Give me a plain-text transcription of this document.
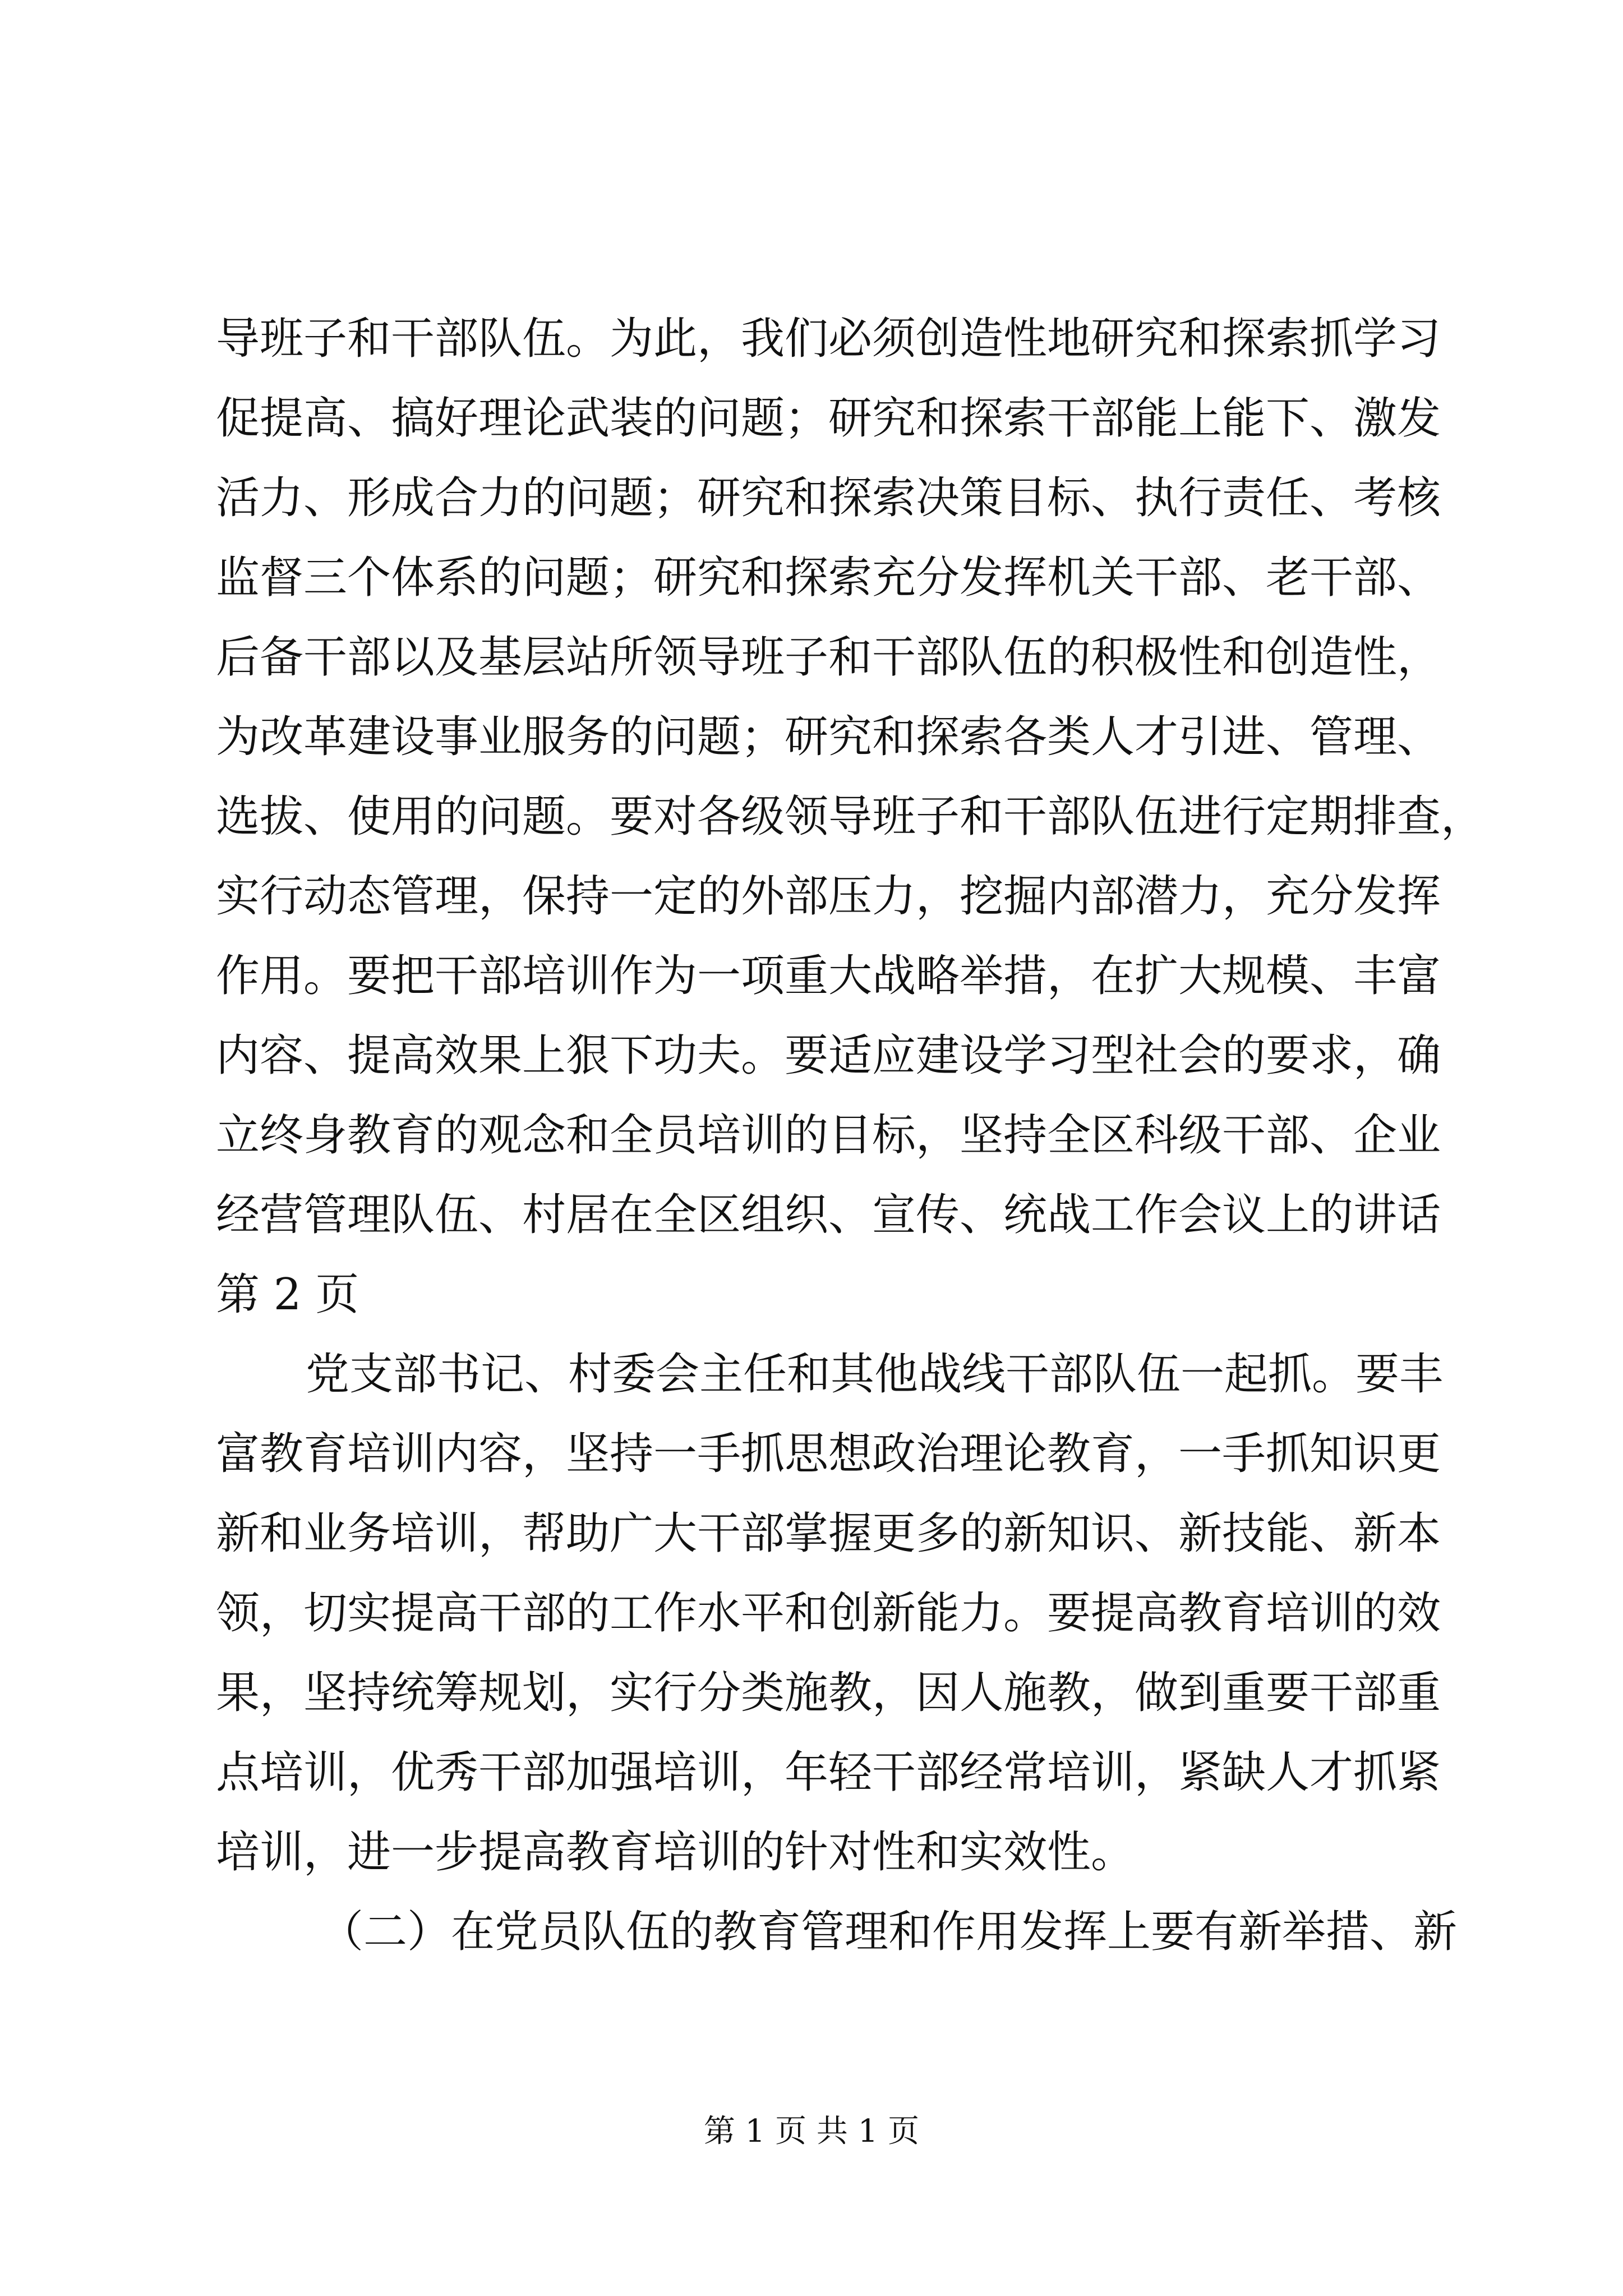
导班子和干部队伍。为此，我们必须创造性地研究和探索抓学习
促提高、搞好理论武装的问题；研究和探索干部能上能下、激发
活力、形成合力的问题；研究和探索决策目标、执行责任、考核
监督三个体系的问题；研究和探索充分发挥机关干部、老干部、
后备干部以及基层站所领导班子和干部队伍的积极性和创造性，
为改革建设事业服务的问题；研究和探索各类人才引进、管理、
选拔、使用的问题。要对各级领导班子和干部队伍进行定期排查，
实行动态管理，保持一定的外部压力，挖掘内部潜力，充分发挥
作用。要把干部培训作为一项重大战略举措，在扩大规模、丰富
内容、提高效果上狠下功夫。要适应建设学习型社会的要求，确
立终身教育的观念和全员培训的目标，坚持全区科级干部、企业
经营管理队伍、村居在全区组织、宣传、统战工作会议上的讲话
第 2 页
党支部书记、村委会主任和其他战线干部队伍一起抓。要丰
富教育培训内容，坚持一手抓思想政治理论教育，一手抓知识更
新和业务培训，帮助广大干部掌握更多的新知识、新技能、新本
领，切实提高干部的工作水平和创新能力。要提高教育培训的效
果，坚持统筹规划，实行分类施教，因人施教，做到重要干部重
点培训，优秀干部加强培训，年轻干部经常培训，紧缺人才抓紧
培训，进一步提高教育培训的针对性和实效性。
（二）在党员队伍的教育管理和作用发挥上要有新举措、新
第 1 页 共 1 页
